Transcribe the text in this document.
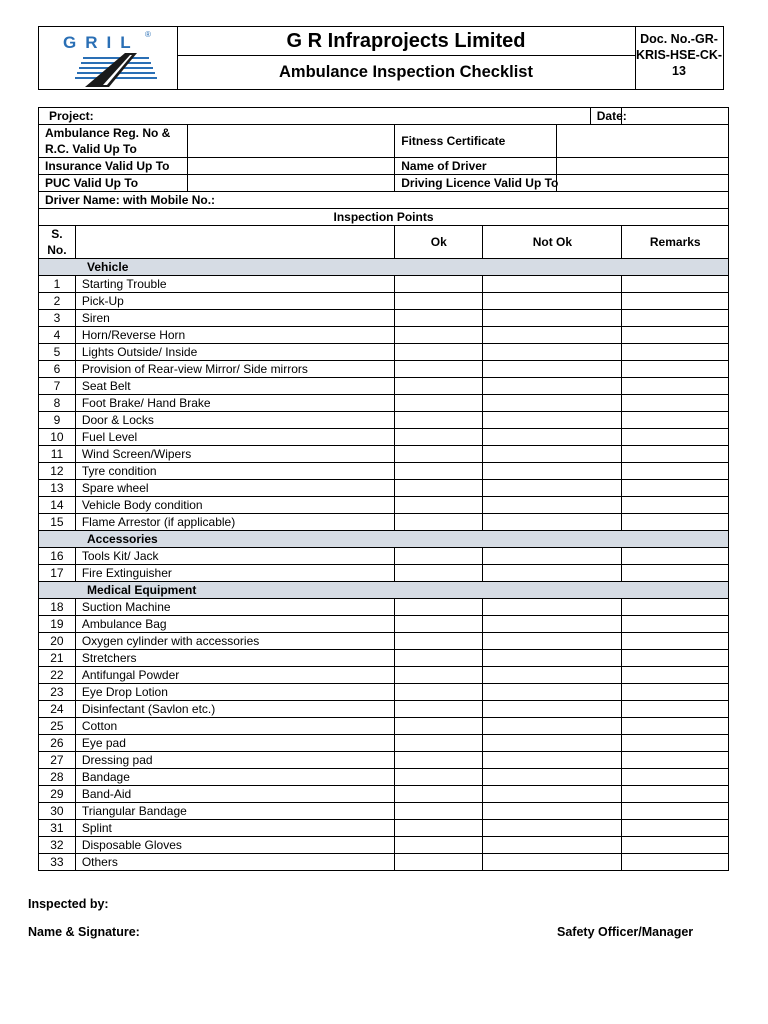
GRIL ®	G R Infraprojects Limited
Ambulance Inspection Checklist
Doc. No.-GR-
KRIS-HSE-CK-13
Project:						Date:	

Ambulance Reg. No &
R.C. Valid Up To			Fitness Certificate				
Insurance Valid Up To			Name of Driver				
PUC Valid Up To			Driving Licence Valid Up To				
Driver Name: with Mobile No.:							
Inspection Points							

S.
No.			Ok	Not Ok			Remarks
Vehicle							
1	Starting Trouble						
2	Pick-Up						
3	Siren						
4	Horn/Reverse Horn						
5	Lights Outside/ Inside						
6	Provision of Rear-view Mirror/ Side mirrors						
7	Seat Belt						
8	Foot Brake/ Hand Brake						
9	Door & Locks						
10	Fuel Level						
11	Wind Screen/Wipers						
12	Tyre condition						
13	Spare wheel						
14	Vehicle Body condition						
15	Flame Arrestor (if applicable)						
Accessories							
16	Tools Kit/ Jack						
17	Fire Extinguisher						
Medical Equipment							
18	Suction Machine						
19	Ambulance Bag						
20	Oxygen cylinder with accessories						
21	Stretchers						
22	Antifungal Powder						
23	Eye Drop Lotion						
24	Disinfectant (Savlon etc.)						
25	Cotton						
26	Eye pad						
27	Dressing pad						
28	Bandage						
29	Band-Aid						
30	Triangular Bandage						
31	Splint						
32	Disposable Gloves						
33	Others						
Inspected by:
Name & Signature:	Safety Officer/Manager
